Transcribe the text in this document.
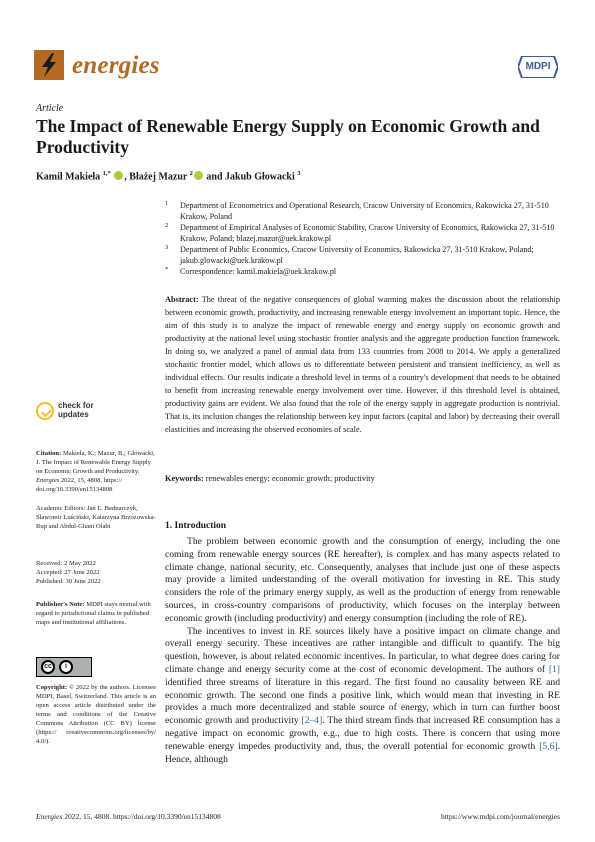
energies	MDPI
Article
The Impact of Renewable Energy Supply on Economic Growth and Productivity
Kamil Makieła $^{1,*}$ , Błażej Mazur $^2$ and Jakub Głowacki $^3$

1 Department of Econometrics and Operational Research, Cracow University of Economics, Rakowicka 27, 31-510 Krakow, Poland

2 Department of Empirical Analyses of Economic Stability, Cracow University of Economics, Rakowicka 27, 31-510 Krakow, Poland; blazej.mazur@uek.krakow.pl

3 Department of Public Economics, Cracow University of Economics, Rakowicka 27, 31-510 Krakow, Poland; jakub.glowacki@uek.krakow.pl

* Correspondence: kamil.makiela@uek.krakow.pl

Abstract: The threat of the negative consequences of global warming makes the discussion about the relationship between economic growth, productivity, and increasing renewable energy involvement an important topic. Hence, the aim of this study is to analyze the impact of renewable energy and energy supply on economic growth and productivity at the national level using stochastic frontier analysis and the aggregate production function framework. In doing so, we analyzed a panel of annual data from 133 countries from 2008 to 2014. We apply a generalized stochastic frontier model, which allows us to differentiate between persistent and transient inefficiency, as well as individual effects. Our results indicate a threshold level in terms of a country's development that needs to be obtained to benefit from increasing renewable energy involvement over time. However, if this threshold level is obtained, productivity gains are evident. We also found that the role of the energy supply in aggregate production is nontrivial. That is, its inclusion changes the relationship between key input factors (capital and labor) by decreasing their overall elasticities and increasing the observed economies of scale.
Keywords: renewables energy; economic growth; productivity
check for
updates
Citation: Makieła, K.; Mazur, B.; Głowacki, J. The Impact of Renewable Energy Supply on Economic Growth and Productivity. Energies 2022, 15, 4808. https:// doi.org/10.3390/en15134808
Academic Editors: Jan L. Bednarczyk, Sławomir Luściński, Katarzyna Brzozowska-Rup and Abdul-Ghani Olabi
Received: 2 May 2022
Accepted: 27 June 2022
Published: 30 June 2022
Publisher's Note: MDPI stays neutral with regard to jurisdictional claims in published maps and institutional affiliations.
cc	i
Copyright: © 2022 by the authors. Licensee MDPI, Basel, Switzerland. This article is an open access article distributed under the terms and conditions of the Creative Commons Attribution (CC BY) license (https:// creativecommons.org/licenses/by/ 4.0/).
1. Introduction

The problem between economic growth and the consumption of energy, including the one coming from renewable energy sources (RE hereafter), is complex and has many aspects related to climate change, national security, etc. Consequently, analyses that include just one of these aspects may provide a limited understanding of the overall motivation for investing in RE. This study considers the role of the primary energy supply, as well as the production of energy from renewable sources, in cross-country comparisons of productivity, which focuses on the interplay between economic growth (including productivity) and energy consumption (including the role of RE).

The incentives to invest in RE sources likely have a positive impact on climate change and overall energy security. These incentives are rather intangible and difficult to quantify. The big question, however, is about related economic incentives. In particular, to what degree does caring for climate change and energy security come at the cost of economic development. The authors of [1] identified three streams of literature in this regard. The first found no causality between RE and economic growth. The second one finds a positive link, which would mean that investing in RE provides a much more decentralized and stable source of energy, which in turn can further boost economic growth and productivity [2–4]. The third stream finds that increased RE consumption has a negative impact on economic growth, e.g., due to high costs. There is concern that using more renewable energy impedes productivity and, thus, the overall potential for economic growth [5,6]. Hence, although

Energies 2022, 15, 4808. https://doi.org/10.3390/en15134808	https://www.mdpi.com/journal/energies
